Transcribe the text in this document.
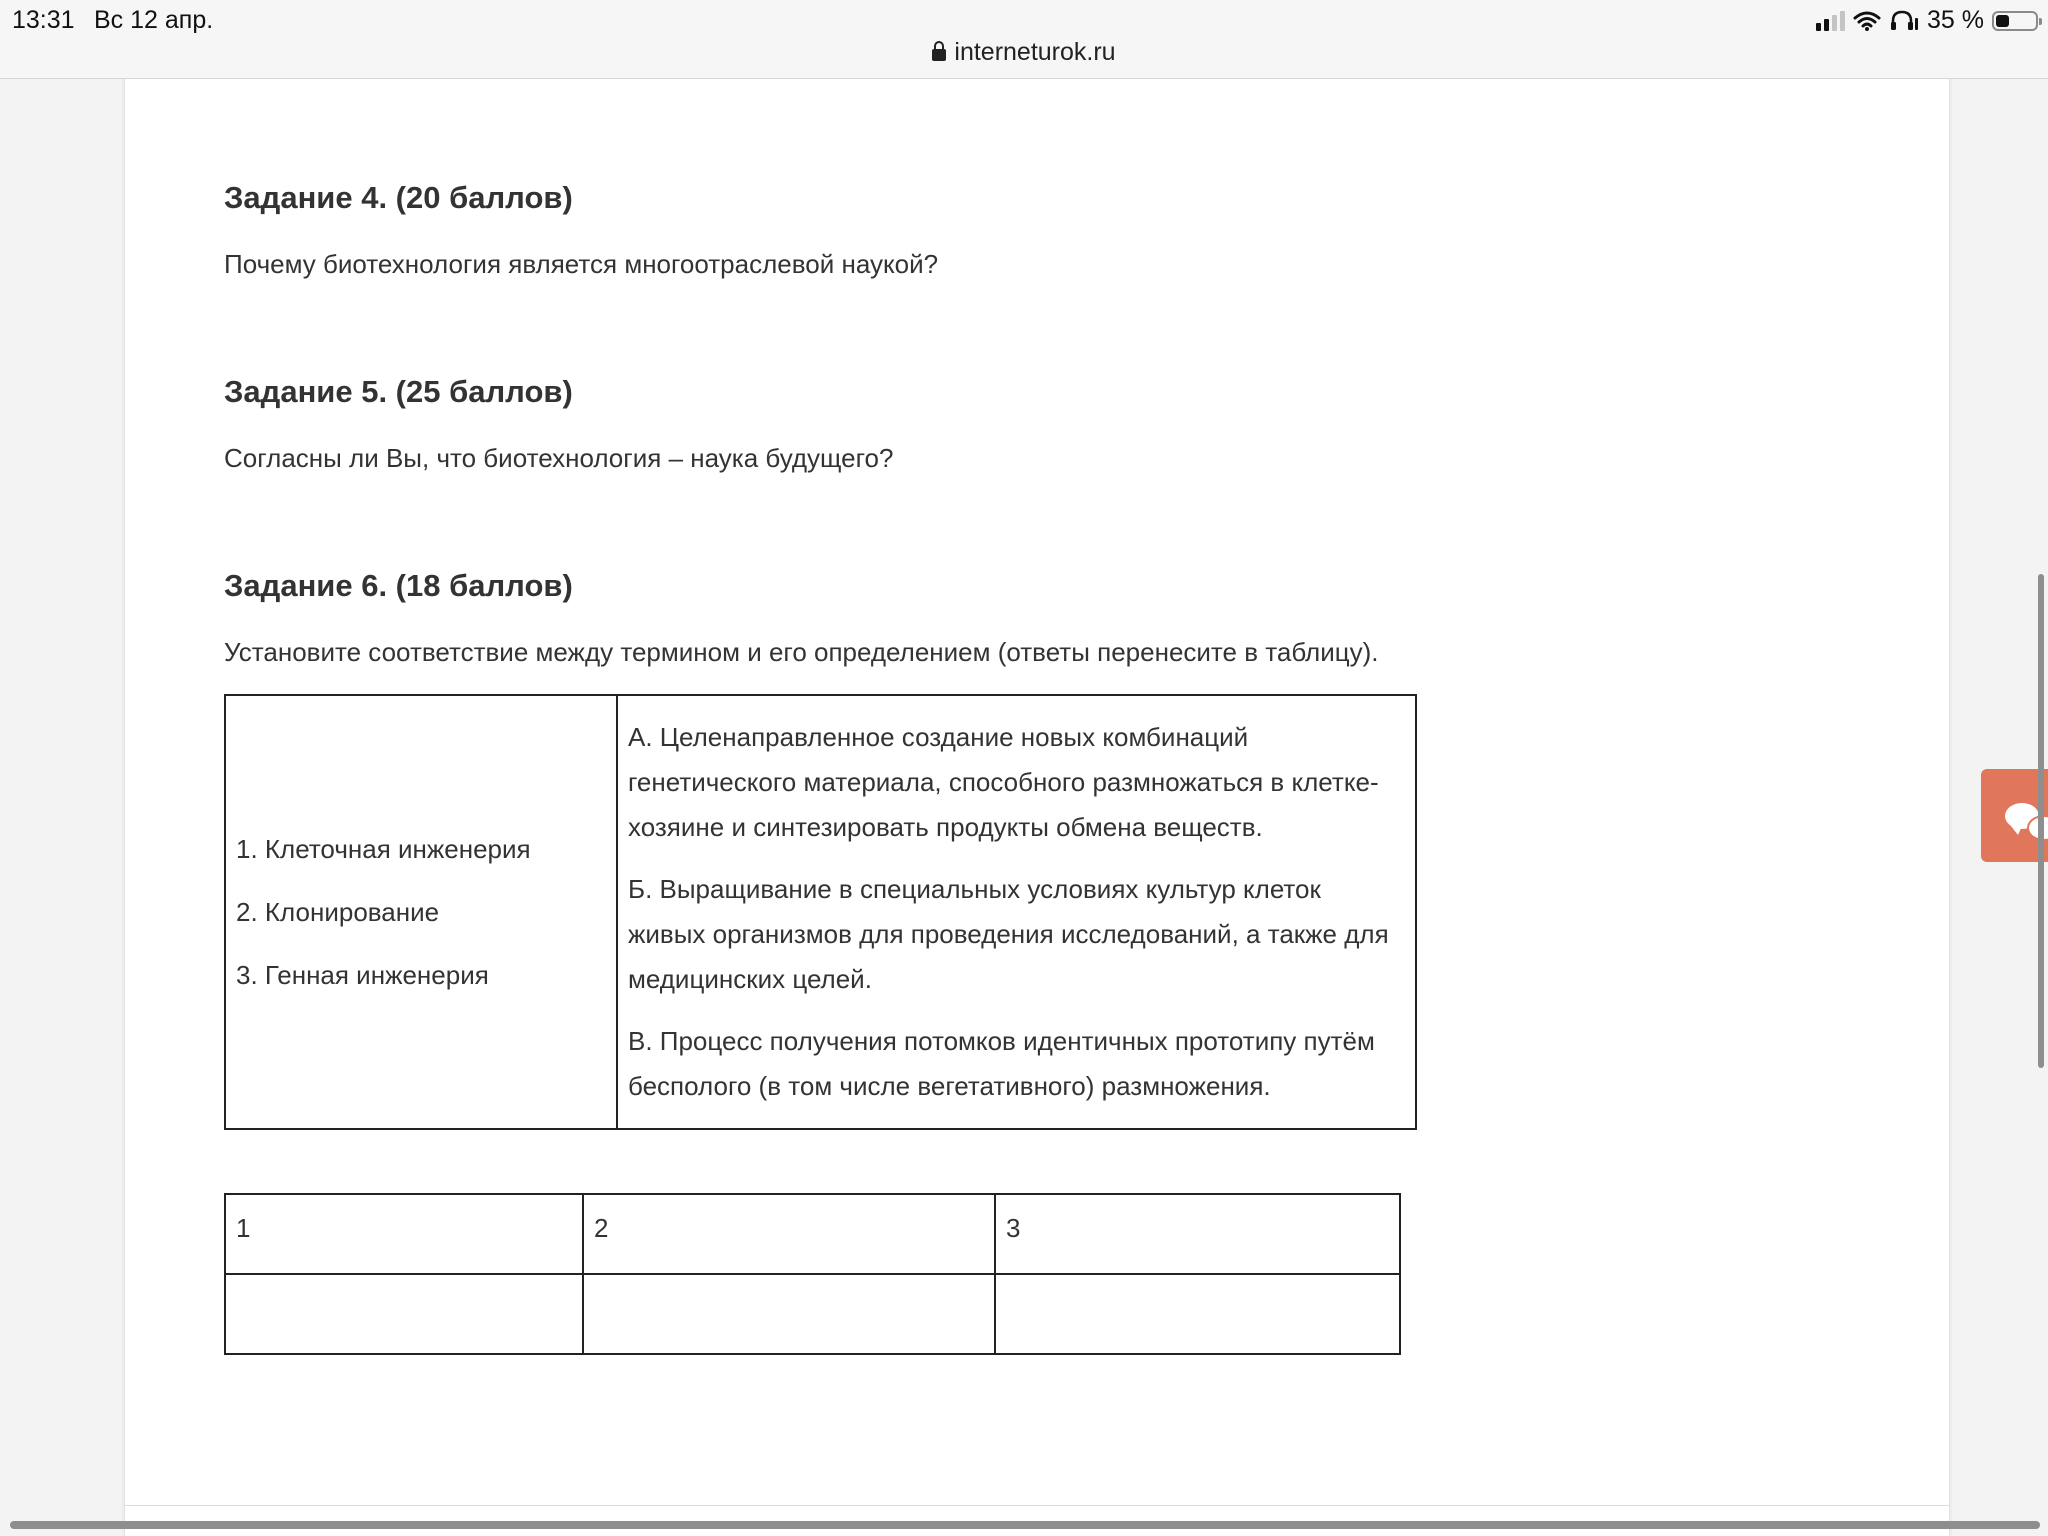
13:31 Вс 12 апр.	35 %
interneturok.ru
Задание 4. (20 баллов)
Почему биотехнология является многоотраслевой наукой?
Задание 5. (25 баллов)
Согласны ли Вы, что биотехнология – наука будущего?
Задание 6. (18 баллов)
Установите соответствие между термином и его определением (ответы перенесите в таблицу).
1. Клеточная инженерия
2. Клонирование
3. Генная инженерия

А. Целенаправленное создание новых комбинаций генетического материала, способного размножаться в клетке-хозяине и синтезировать продукты обмена веществ.
Б. Выращивание в специальных условиях культур клеток живых организмов для проведения исследований, а также для медицинских целей.
В. Процесс получения потомков идентичных прототипу путём бесполого (в том числе вегетативного) размножения.
1	2	3
